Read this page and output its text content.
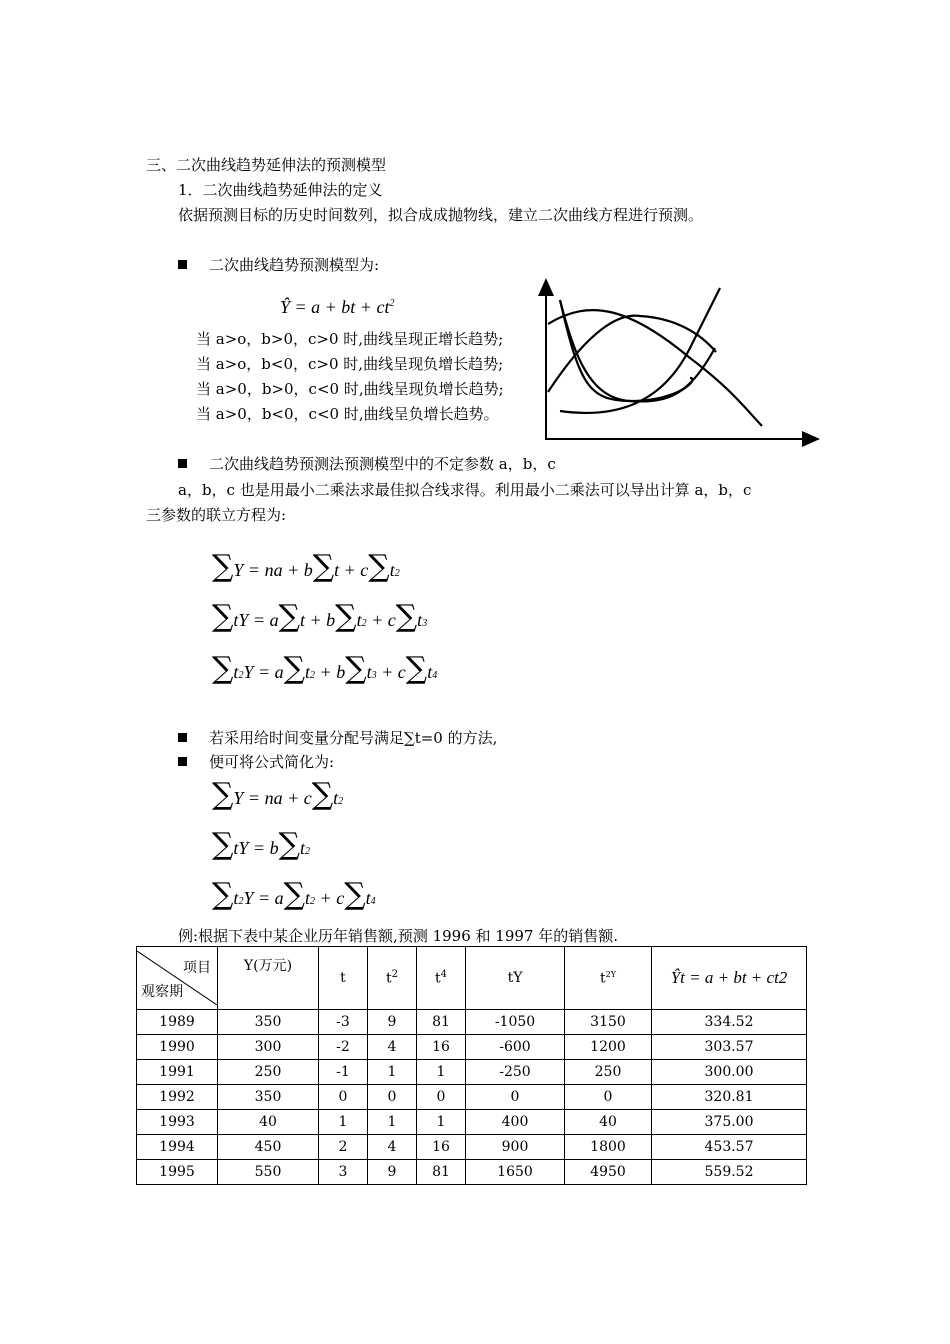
三、二次曲线趋势延伸法的预测模型
1．二次曲线趋势延伸法的定义
依据预测目标的历史时间数列，拟合成成抛物线，建立二次曲线方程进行预测。
二次曲线趋势预测模型为:
Ŷ = a + bt + $ct^2$
当 a>o，b>0，c>0 时,曲线呈现正增长趋势;
当 a>o，b<0，c>0 时,曲线呈现负增长趋势;
当 a>0，b>0，c<0 时,曲线呈现负增长趋势;
当 a>0，b<0，c<0 时,曲线呈负增长趋势。
二次曲线趋势预测法预测模型中的不定参数 a，b，c
a，b，c 也是用最小二乘法求最佳拟合线求得。利用最小二乘法可以导出计算 a，b，c
三参数的联立方程为:
∑Y = na + b∑t + c∑t2
∑tY = a∑t + b∑t2 + c∑t3
∑t2Y = a∑t2 + b∑t3 + c∑t4
若采用给时间变量分配号满足∑t=0 的方法,
便可将公式简化为:
∑Y = na + c∑t2
∑tY = b∑t2
∑t2Y = a∑t2 + c∑t4
例:根据下表中某企业历年销售额,预测 1996 和 1997 年的销售额.
项目
观察期	Y(万元)	t	$t^2$	$t^4$	tY	$t^{2Y}$	Ŷt = a + bt + ct2
1989	350	-3	9	81	-1050	3150	334.52
1990	300	-2	4	16	-600	1200	303.57
1991	250	-1	1	1	-250	250	300.00
1992	350	0	0	0	0	0	320.81
1993	40	1	1	1	400	40	375.00
1994	450	2	4	16	900	1800	453.57
1995	550	3	9	81	1650	4950	559.52
